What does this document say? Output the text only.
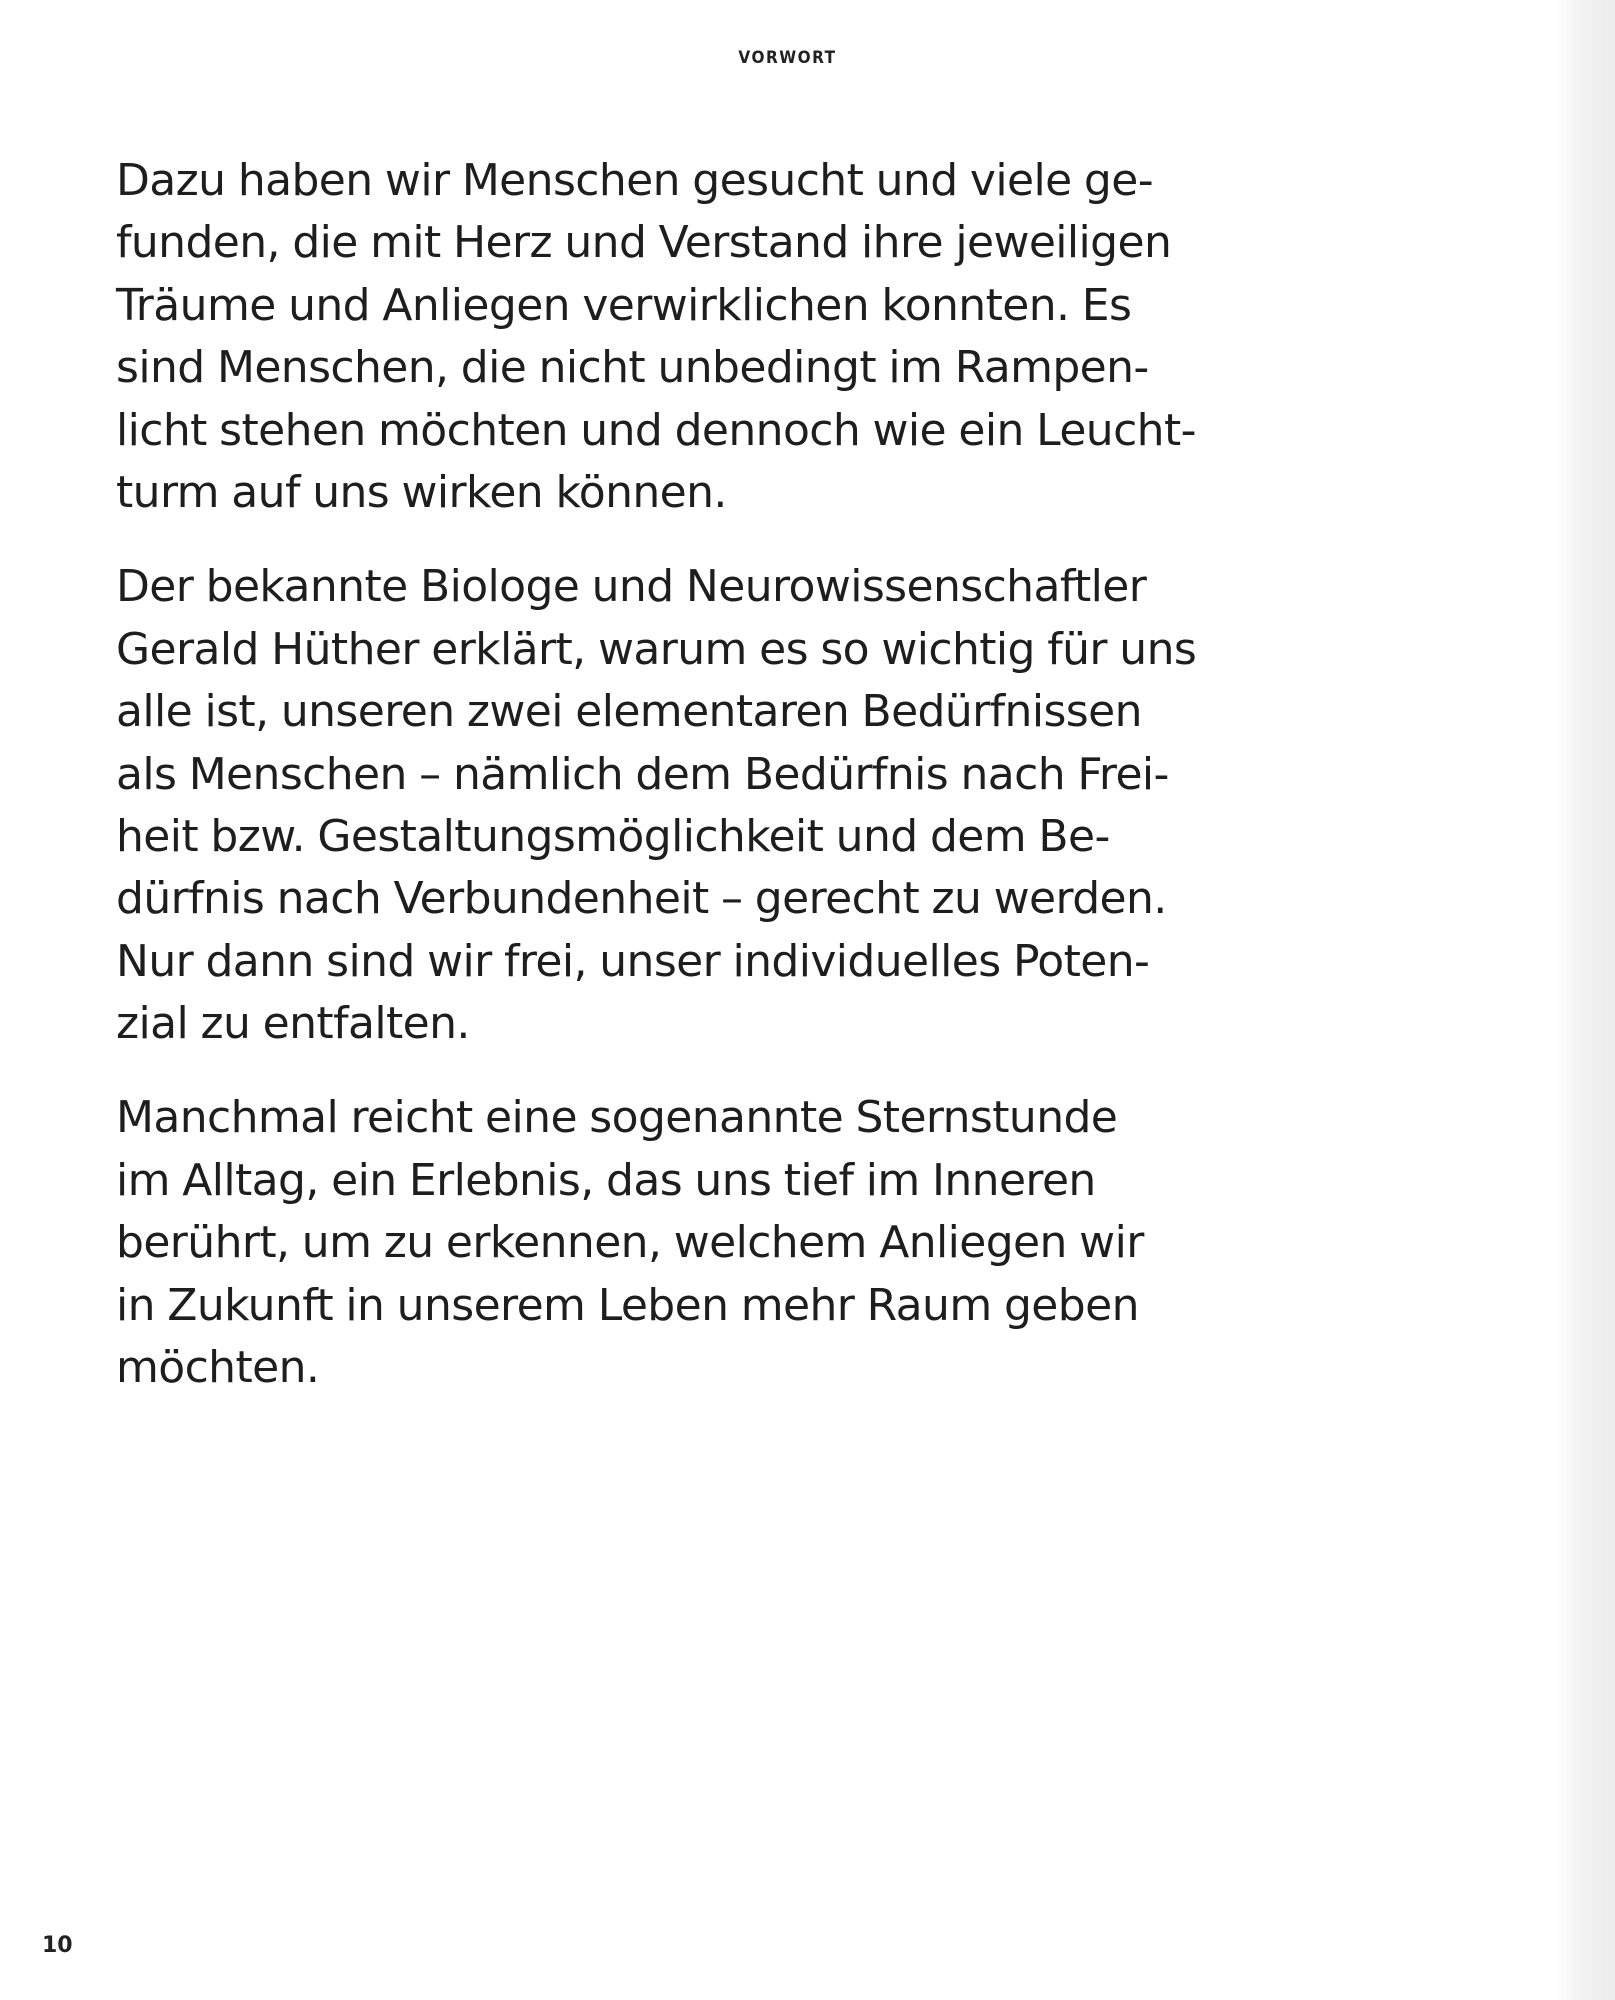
VORWORT

Dazu haben wir Menschen gesucht und viele ge-
funden, die mit Herz und Verstand ihre jeweiligen
Träume und Anliegen verwirklichen konnten. Es
sind Menschen, die nicht unbedingt im Rampen-
licht stehen möchten und dennoch wie ein Leucht-
turm auf uns wirken können.

Der bekannte Biologe und Neurowissenschaftler
Gerald Hüther erklärt, warum es so wichtig für uns
alle ist, unseren zwei elementaren Bedürfnissen
als Menschen – nämlich dem Bedürfnis nach Frei-
heit bzw. Gestaltungsmöglichkeit und dem Be-
dürfnis nach Verbundenheit – gerecht zu werden.
Nur dann sind wir frei, unser individuelles Poten-
zial zu entfalten.

Manchmal reicht eine sogenannte Sternstunde
im Alltag, ein Erlebnis, das uns tief im Inneren
berührt, um zu erkennen, welchem Anliegen wir
in Zukunft in unserem Leben mehr Raum geben
möchten.

10
